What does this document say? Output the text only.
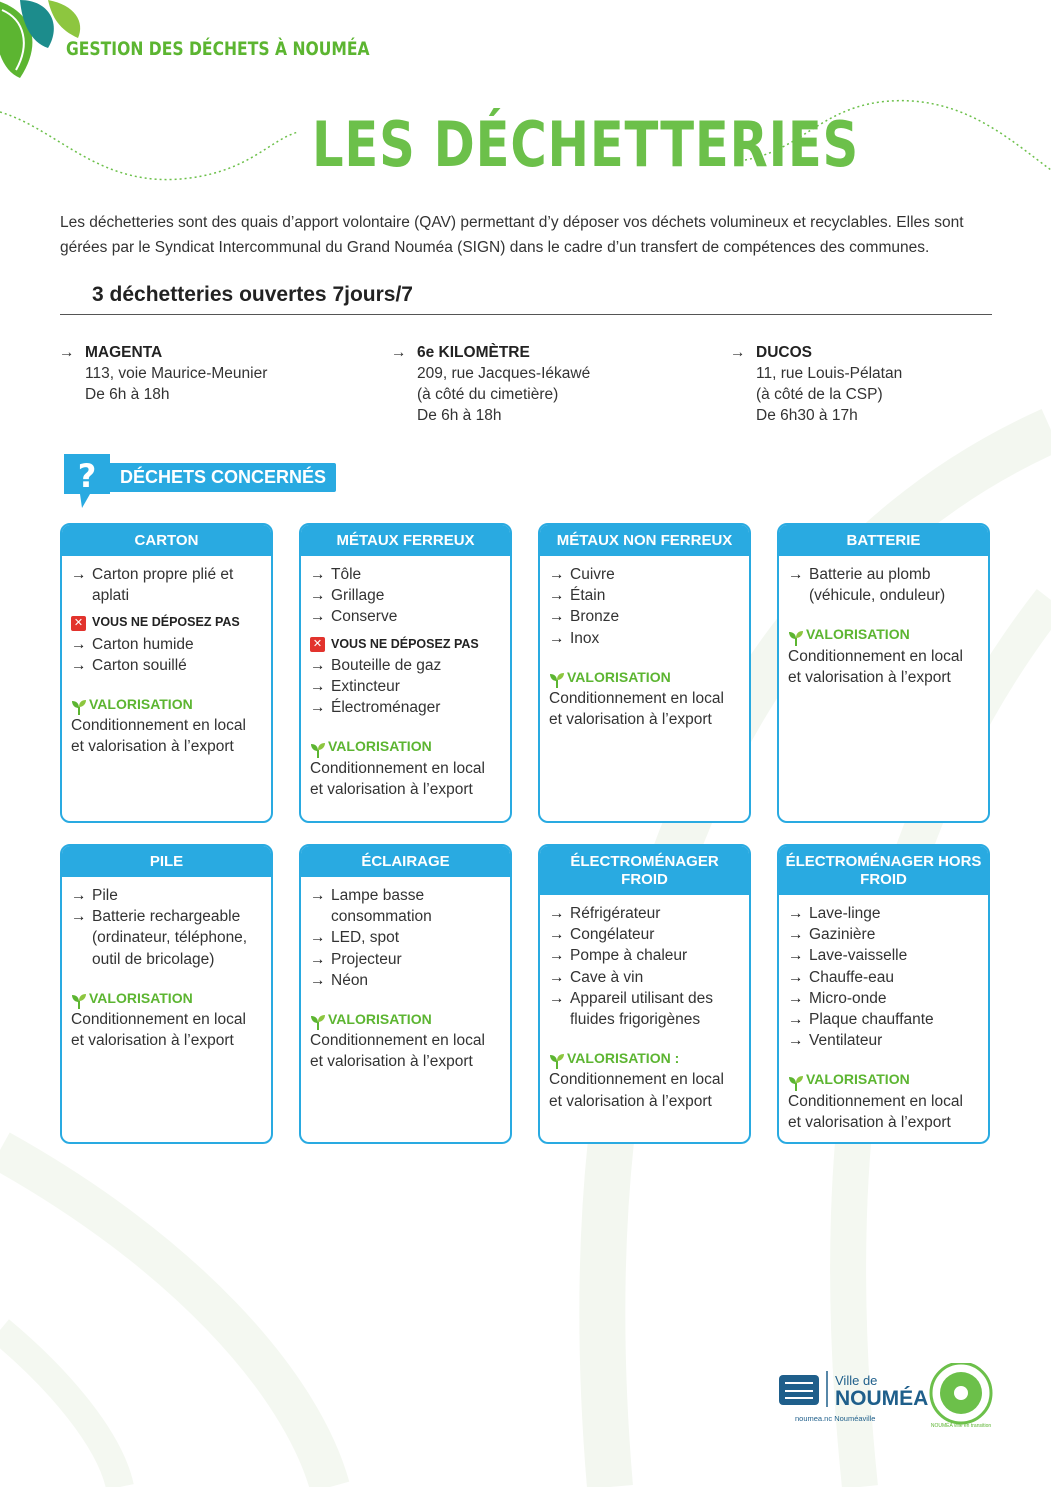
GESTION DES DÉCHETS À NOUMÉA
LES DÉCHETTERIES
Les déchetteries sont des quais d’apport volontaire (QAV) permettant d’y déposer vos déchets volumineux et recyclables. Elles sont gérées par le Syndicat Intercommunal du Grand Nouméa (SIGN) dans le cadre d’un transfert de compétences des communes.
3 déchetteries ouvertes 7jours/7
→ MAGENTA
113, voie Maurice-Meunier
De 6h à 18h
→ 6e KILOMÈTRE
209, rue Jacques-Iékawé
(à côté du cimetière)
De 6h à 18h
→ DUCOS
11, rue Louis-Pélatan
(à côté de la CSP)
De 6h30 à 17h
?	DÉCHETS CONCERNÉS
CARTON
→ Carton propre plié et aplati
✕ VOUS NE DÉPOSEZ PAS
→ Carton humide
→ Carton souillé
VALORISATION
Conditionnement en local et valorisation à l’export
MÉTAUX FERREUX
→ Tôle
→ Grillage
→ Conserve
✕ VOUS NE DÉPOSEZ PAS
→ Bouteille de gaz
→ Extincteur
→ Électroménager
VALORISATION
Conditionnement en local et valorisation à l’export
MÉTAUX NON FERREUX
→ Cuivre
→ Étain
→ Bronze
→ Inox
VALORISATION
Conditionnement en local et valorisation à l’export
BATTERIE
→ Batterie au plomb (véhicule, onduleur)
VALORISATION
Conditionnement en local et valorisation à l’export
PILE
→ Pile
→ Batterie rechargeable (ordinateur, téléphone, outil de bricolage)
VALORISATION
Conditionnement en local et valorisation à l’export
ÉCLAIRAGE
→ Lampe basse consommation
→ LED, spot
→ Projecteur
→ Néon
VALORISATION
Conditionnement en local et valorisation à l’export
ÉLECTROMÉNAGER FROID
→ Réfrigérateur
→ Congélateur
→ Pompe à chaleur
→ Cave à vin
→ Appareil utilisant des fluides frigorigènes
VALORISATION :
Conditionnement en local et valorisation à l’export
ÉLECTROMÉNAGER HORS FROID
→ Lave-linge
→ Gazinière
→ Lave-vaisselle
→ Chauffe-eau
→ Micro-onde
→ Plaque chauffante
→ Ventilateur
VALORISATION
Conditionnement en local et valorisation à l’export
Ville de
NOUMÉA
noumea.nc Nouméaville
NOUMÉA ville en transition
